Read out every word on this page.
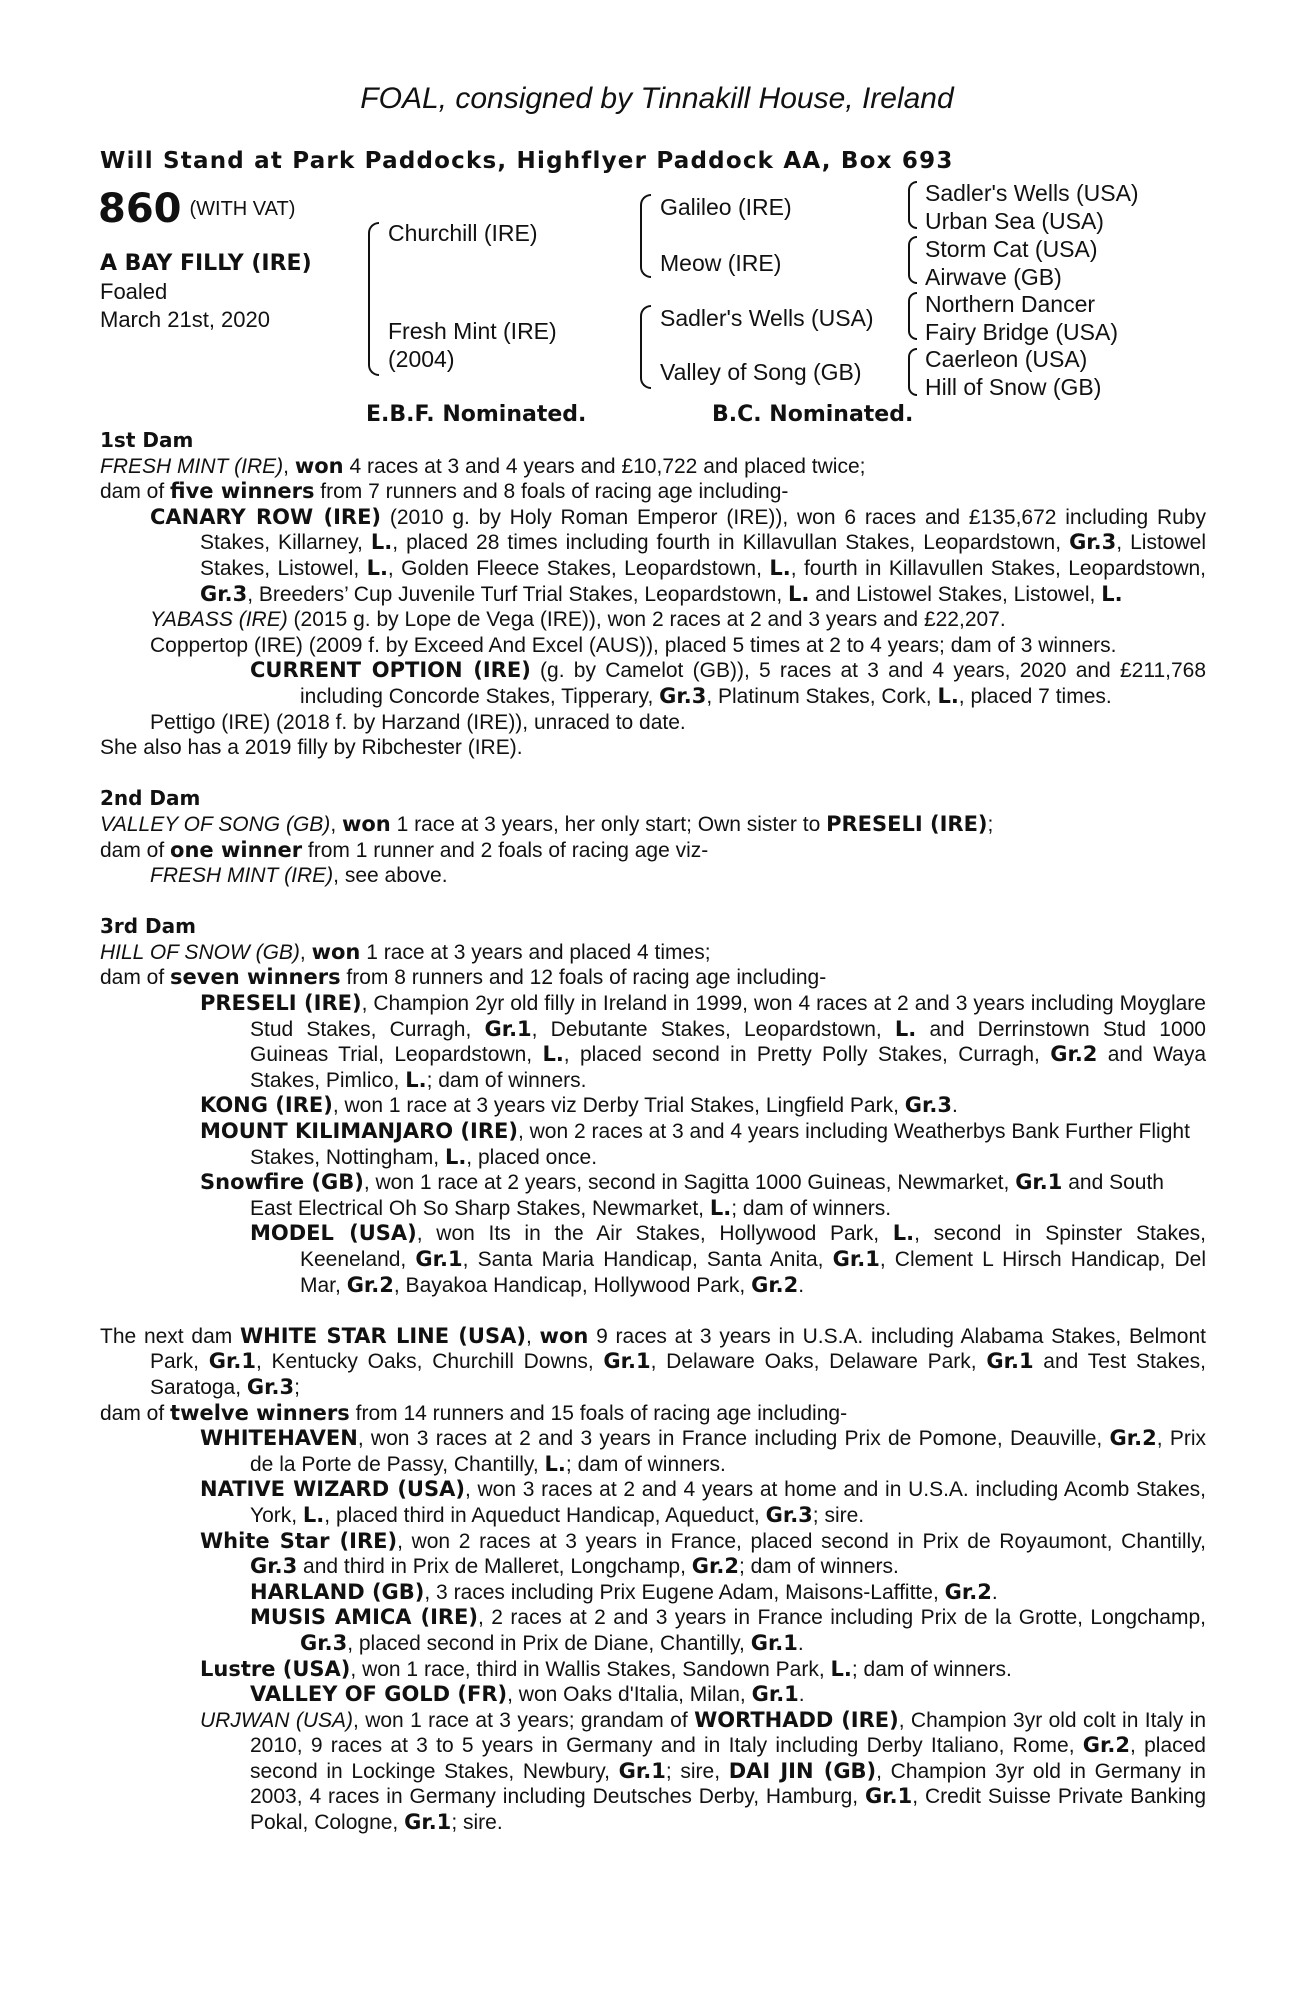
FOAL, consigned by Tinnakill House, Ireland
Will Stand at Park Paddocks, Highflyer Paddock AA, Box 693
860 (WITH VAT)
A BAY FILLY (IRE)
Foaled
March 21st, 2020
Churchill (IRE)
Fresh Mint (IRE)
(2004)
Galileo (IRE)
Meow (IRE)
Sadler's Wells (USA)
Valley of Song (GB)
Sadler's Wells (USA)
Urban Sea (USA)
Storm Cat (USA)
Airwave (GB)
Northern Dancer
Fairy Bridge (USA)
Caerleon (USA)
Hill of Snow (GB)
E.B.F. Nominated.	B.C. Nominated.

1st Dam

FRESH MINT (IRE), won 4 races at 3 and 4 years and £10,722 and placed twice;

dam of five winners from 7 runners and 8 foals of racing age including-

CANARY ROW (IRE) (2010 g. by Holy Roman Emperor (IRE)), won 6 races and £135,672 including Ruby Stakes, Killarney, L., placed 28 times including fourth in Killavullan Stakes, Leopardstown, Gr.3, Listowel Stakes, Listowel, L., Golden Fleece Stakes, Leopardstown, L., fourth in Killavullen Stakes, Leopardstown, Gr.3, Breeders’ Cup Juvenile Turf Trial Stakes, Leopardstown, L. and Listowel Stakes, Listowel, L.

YABASS (IRE) (2015 g. by Lope de Vega (IRE)), won 2 races at 2 and 3 years and £22,207.

Coppertop (IRE) (2009 f. by Exceed And Excel (AUS)), placed 5 times at 2 to 4 years; dam of 3 winners.

CURRENT OPTION (IRE) (g. by Camelot (GB)), 5 races at 3 and 4 years, 2020 and £211,768 including Concorde Stakes, Tipperary, Gr.3, Platinum Stakes, Cork, L., placed 7 times.

Pettigo (IRE) (2018 f. by Harzand (IRE)), unraced to date.

She also has a 2019 filly by Ribchester (IRE).

2nd Dam

VALLEY OF SONG (GB), won 1 race at 3 years, her only start; Own sister to PRESELI (IRE);

dam of one winner from 1 runner and 2 foals of racing age viz-

FRESH MINT (IRE), see above.

3rd Dam

HILL OF SNOW (GB), won 1 race at 3 years and placed 4 times;

dam of seven winners from 8 runners and 12 foals of racing age including-

PRESELI (IRE), Champion 2yr old filly in Ireland in 1999, won 4 races at 2 and 3 years including Moyglare Stud Stakes, Curragh, Gr.1, Debutante Stakes, Leopardstown, L. and Derrinstown Stud 1000 Guineas Trial, Leopardstown, L., placed second in Pretty Polly Stakes, Curragh, Gr.2 and Waya Stakes, Pimlico, L.; dam of winners.

KONG (IRE), won 1 race at 3 years viz Derby Trial Stakes, Lingfield Park, Gr.3.

MOUNT KILIMANJARO (IRE), won 2 races at 3 and 4 years including Weatherbys Bank Further Flight Stakes, Nottingham, L., placed once.

Snowfire (GB), won 1 race at 2 years, second in Sagitta 1000 Guineas, Newmarket, Gr.1 and South East Electrical Oh So Sharp Stakes, Newmarket, L.; dam of winners.

MODEL (USA), won Its in the Air Stakes, Hollywood Park, L., second in Spinster Stakes, Keeneland, Gr.1, Santa Maria Handicap, Santa Anita, Gr.1, Clement L Hirsch Handicap, Del Mar, Gr.2, Bayakoa Handicap, Hollywood Park, Gr.2.

The next dam WHITE STAR LINE (USA), won 9 races at 3 years in U.S.A. including Alabama Stakes, Belmont Park, Gr.1, Kentucky Oaks, Churchill Downs, Gr.1, Delaware Oaks, Delaware Park, Gr.1 and Test Stakes, Saratoga, Gr.3;

dam of twelve winners from 14 runners and 15 foals of racing age including-

WHITEHAVEN, won 3 races at 2 and 3 years in France including Prix de Pomone, Deauville, Gr.2, Prix de la Porte de Passy, Chantilly, L.; dam of winners.

NATIVE WIZARD (USA), won 3 races at 2 and 4 years at home and in U.S.A. including Acomb Stakes, York, L., placed third in Aqueduct Handicap, Aqueduct, Gr.3; sire.

White Star (IRE), won 2 races at 3 years in France, placed second in Prix de Royaumont, Chantilly, Gr.3 and third in Prix de Malleret, Longchamp, Gr.2; dam of winners.

HARLAND (GB), 3 races including Prix Eugene Adam, Maisons-Laffitte, Gr.2.

MUSIS AMICA (IRE), 2 races at 2 and 3 years in France including Prix de la Grotte, Longchamp, Gr.3, placed second in Prix de Diane, Chantilly, Gr.1.

Lustre (USA), won 1 race, third in Wallis Stakes, Sandown Park, L.; dam of winners.

VALLEY OF GOLD (FR), won Oaks d'Italia, Milan, Gr.1.

URJWAN (USA), won 1 race at 3 years; grandam of WORTHADD (IRE), Champion 3yr old colt in Italy in 2010, 9 races at 3 to 5 years in Germany and in Italy including Derby Italiano, Rome, Gr.2, placed second in Lockinge Stakes, Newbury, Gr.1; sire, DAI JIN (GB), Champion 3yr old in Germany in 2003, 4 races in Germany including Deutsches Derby, Hamburg, Gr.1, Credit Suisse Private Banking Pokal, Cologne, Gr.1; sire.
